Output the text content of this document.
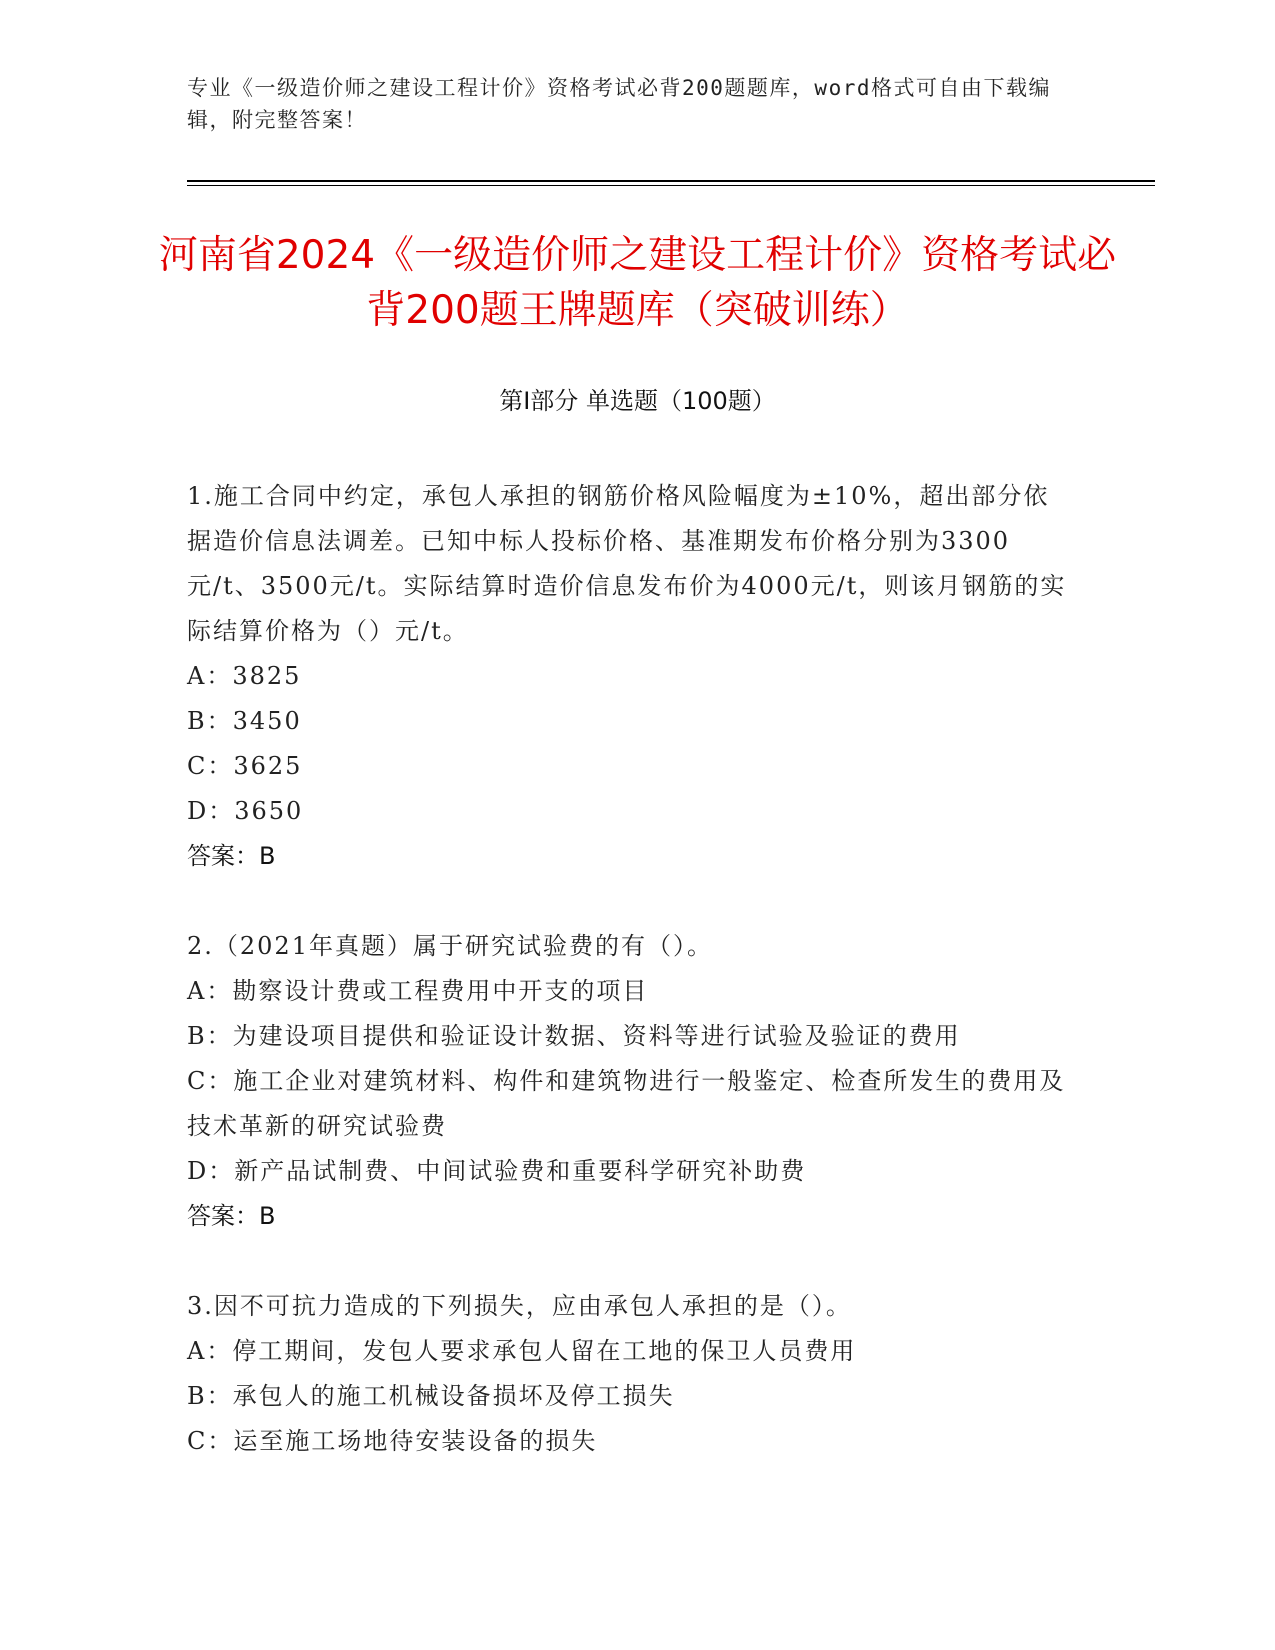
专业《一级造价师之建设工程计价》资格考试必背200题题库，word格式可自由下载编辑，附完整答案！
河南省2024《一级造价师之建设工程计价》资格考试必背200题王牌题库（突破训练）
第Ⅰ部分 单选题（100题）
1.施工合同中约定，承包人承担的钢筋价格风险幅度为±10%，超出部分依据造价信息法调差。已知中标人投标价格、基准期发布价格分别为3300元/t、3500元/t。实际结算时造价信息发布价为4000元/t，则该月钢筋的实际结算价格为（）元/t。
A：3825
B：3450
C：3625
D：3650
答案：B
2.（2021年真题）属于研究试验费的有（）。
A：勘察设计费或工程费用中开支的项目
B：为建设项目提供和验证设计数据、资料等进行试验及验证的费用
C：施工企业对建筑材料、构件和建筑物进行一般鉴定、检查所发生的费用及技术革新的研究试验费
D：新产品试制费、中间试验费和重要科学研究补助费
答案：B
3.因不可抗力造成的下列损失，应由承包人承担的是（）。
A：停工期间，发包人要求承包人留在工地的保卫人员费用
B：承包人的施工机械设备损坏及停工损失
C：运至施工场地待安装设备的损失
